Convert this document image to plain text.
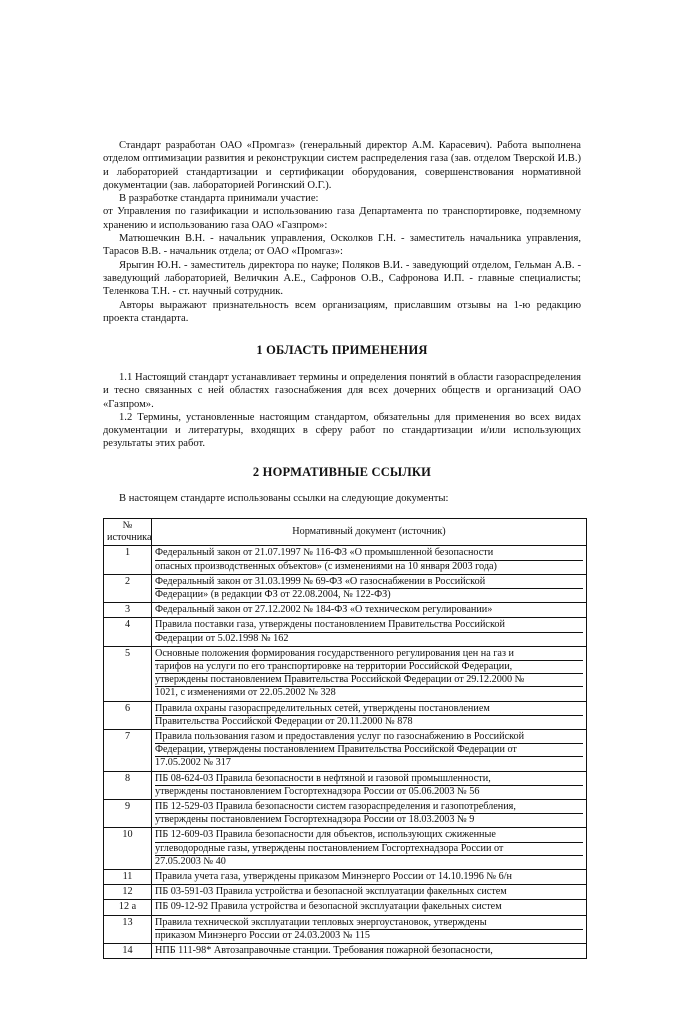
Стандарт разработан ОАО «Промгаз» (генеральный директор А.М. Карасевич). Работа выполнена отделом оптимизации развития и реконструкции систем распределения газа (зав. отделом Тверской И.В.) и лабораторией стандартизации и сертификации оборудования, совершенствования нормативной документации (зав. лабораторией Рогинский О.Г.).

В разработке стандарта принимали участие:

от Управления по газификации и использованию газа Департамента по транспортировке, подземному хранению и использованию газа ОАО «Газпром»:

Матюшечкин В.Н. - начальник управления, Осколков Г.Н. - заместитель начальника управления, Тарасов В.В. - начальник отдела; от ОАО «Промгаз»:

Ярыгин Ю.Н. - заместитель директора по науке; Поляков В.И. - заведующий отделом, Гельман А.В. - заведующий лабораторией, Величкин А.Е., Сафронов О.В., Сафронова И.П. - главные специалисты; Теленкова Т.Н. - ст. научный сотрудник.

Авторы выражают признательность всем организациям, приславшим отзывы на 1-ю редакцию проекта стандарта.

1 ОБЛАСТЬ ПРИМЕНЕНИЯ

1.1 Настоящий стандарт устанавливает термины и определения понятий в области газораспределения и тесно связанных с ней областях газоснабжения для всех дочерних обществ и организаций ОАО «Газпром».

1.2 Термины, установленные настоящим стандартом, обязательны для применения во всех видах документации и литературы, входящих в сферу работ по стандартизации и/или использующих результаты этих работ.

2 НОРМАТИВНЫЕ ССЫЛКИ

В настоящем стандарте использованы ссылки на следующие документы:

№
источника	Нормативный документ (источник)
1	Федеральный закон от 21.07.1997 № 116-ФЗ «О промышленной безопасности
опасных производственных объектов» (с изменениями на 10 января 2003 года)

2	Федеральный закон от 31.03.1999 № 69-ФЗ «О газоснабжении в Российской
Федерации» (в редакции ФЗ от 22.08.2004, № 122-ФЗ)

3	Федеральный закон от 27.12.2002 № 184-ФЗ «О техническом регулировании»

4	Правила поставки газа, утверждены постановлением Правительства Российской
Федерации от 5.02.1998 № 162

5	Основные положения формирования государственного регулирования цен на газ и
тарифов на услуги по его транспортировке на территории Российской Федерации,
утверждены постановлением Правительства Российской Федерации от 29.12.2000 №
1021, с изменениями от 22.05.2002 № 328

6	Правила охраны газораспределительных сетей, утверждены постановлением
Правительства Российской Федерации от 20.11.2000 № 878

7	Правила пользования газом и предоставления услуг по газоснабжению в Российской
Федерации, утверждены постановлением Правительства Российской Федерации от
17.05.2002 № 317

8	ПБ 08-624-03 Правила безопасности в нефтяной и газовой промышленности,
утверждены постановлением Госгортехнадзора России от 05.06.2003 № 56

9	ПБ 12-529-03 Правила безопасности систем газораспределения и газопотребления,
утверждены постановлением Госгортехнадзора России от 18.03.2003 № 9

10	ПБ 12-609-03 Правила безопасности для объектов, использующих сжиженные
углеводородные газы, утверждены постановлением Госгортехнадзора России от
27.05.2003 № 40

11	Правила учета газа, утверждены приказом Минэнерго России от 14.10.1996 № 6/н

12	ПБ 03-591-03 Правила устройства и безопасной эксплуатации факельных систем

12 а	ПБ 09-12-92 Правила устройства и безопасной эксплуатации факельных систем

13	Правила технической эксплуатации тепловых энергоустановок, утверждены
приказом Минэнерго России от 24.03.2003 № 115

14	НПБ 111-98* Автозаправочные станции. Требования пожарной безопасности,
